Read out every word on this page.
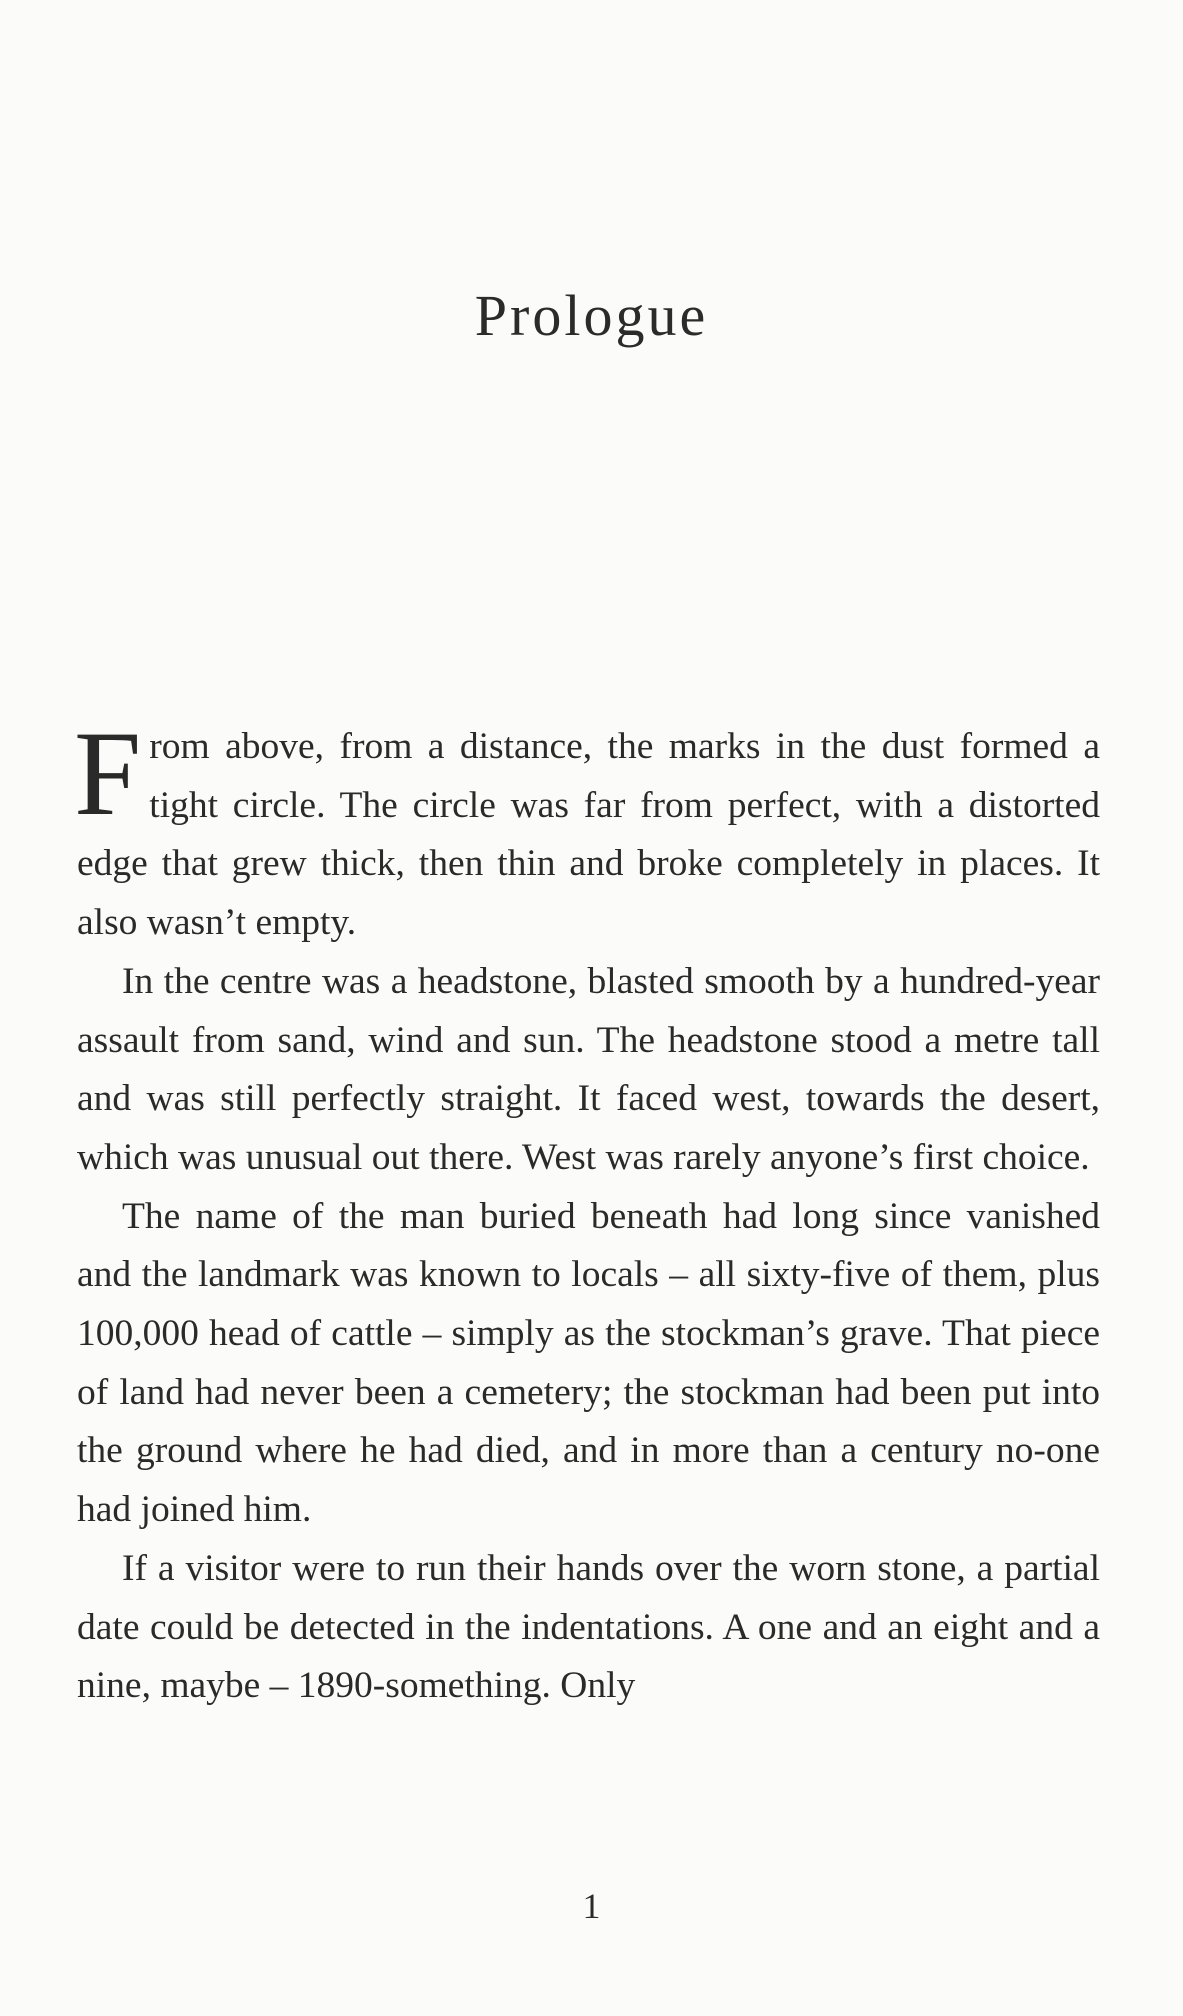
Prologue

From above, from a distance, the marks in the dust formed a tight circle. The circle was far from perfect, with a distorted edge that grew thick, then thin and broke completely in places. It also wasn’t empty.

In the centre was a headstone, blasted smooth by a hundred-year assault from sand, wind and sun. The headstone stood a metre tall and was still perfectly straight. It faced west, towards the desert, which was unusual out there. West was rarely anyone’s first choice.

The name of the man buried beneath had long since vanished and the landmark was known to locals – all sixty-five of them, plus 100,000 head of cattle – simply as the stockman’s grave. That piece of land had never been a cemetery; the stockman had been put into the ground where he had died, and in more than a century no-one had joined him.

If a visitor were to run their hands over the worn stone, a partial date could be detected in the indentations. A one and an eight and a nine, maybe – 1890-something. Only

1
